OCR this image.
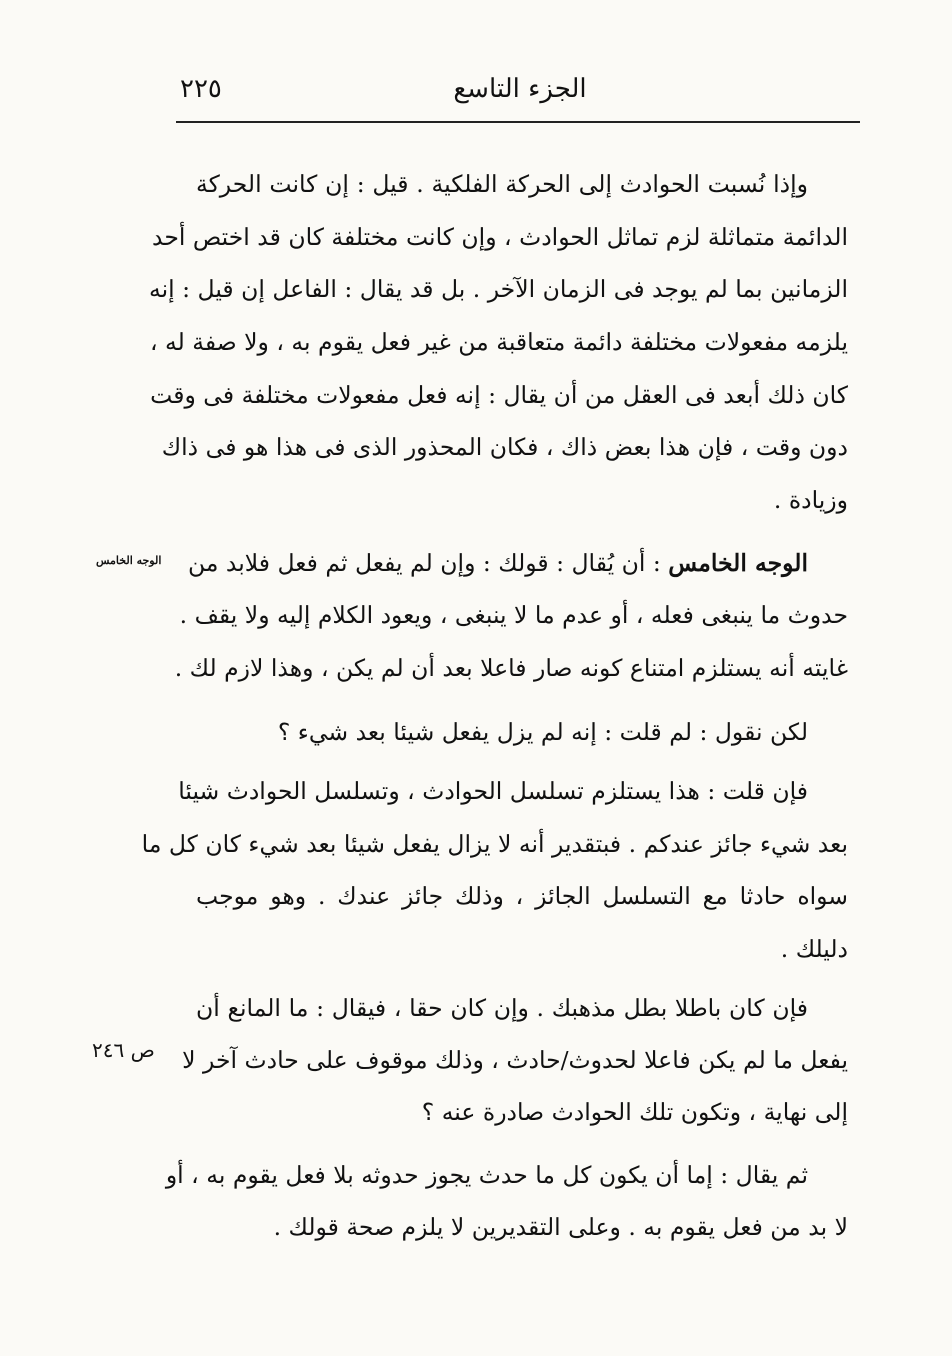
الجزء التاسع
٢٢٥
وإذا نُسبت الحوادث إلى الحركة الفلكية . قيل : إن كانت الحركة
الدائمة متماثلة لزم تماثل الحوادث ، وإن كانت مختلفة كان قد اختص أحد
الزمانين بما لم يوجد فى الزمان الآخر . بل قد يقال : الفاعل إن قيل : إنه
يلزمه مفعولات مختلفة دائمة متعاقبة من غير فعل يقوم به ، ولا صفة له ،
كان ذلك أبعد فى العقل من أن يقال : إنه فعل مفعولات مختلفة فى وقت
دون وقت ، فإن هذا بعض ذاك ، فكان المحذور الذى فى هذا هو فى ذاك
وزيادة .
الوجه الخامس : أن يُقال : قولك : وإن لم يفعل ثم فعل فلابد من
حدوث ما ينبغى فعله ، أو عدم ما لا ينبغى ، ويعود الكلام إليه ولا يقف .
غايته أنه يستلزم امتناع كونه صار فاعلا بعد أن لم يكن ، وهذا لازم لك .
لكن نقول : لم قلت : إنه لم يزل يفعل شيئا بعد شيء ؟
فإن قلت : هذا يستلزم تسلسل الحوادث ، وتسلسل الحوادث شيئا
بعد شيء جائز عندكم . فبتقدير أنه لا يزال يفعل شيئا بعد شيء كان كل ما
سواه حادثا مع التسلسل الجائز ، وذلك جائز عندك . وهو موجب
دليلك .
فإن كان باطلا بطل مذهبك . وإن كان حقا ، فيقال : ما المانع أن
يفعل ما لم يكن فاعلا لحدوث/حادث ، وذلك موقوف على حادث آخر لا
إلى نهاية ، وتكون تلك الحوادث صادرة عنه ؟
ثم يقال : إما أن يكون كل ما حدث يجوز حدوثه بلا فعل يقوم به ، أو
لا بد من فعل يقوم به . وعلى التقديرين لا يلزم صحة قولك .
الوجه الخامس
ص ٢٤٦
